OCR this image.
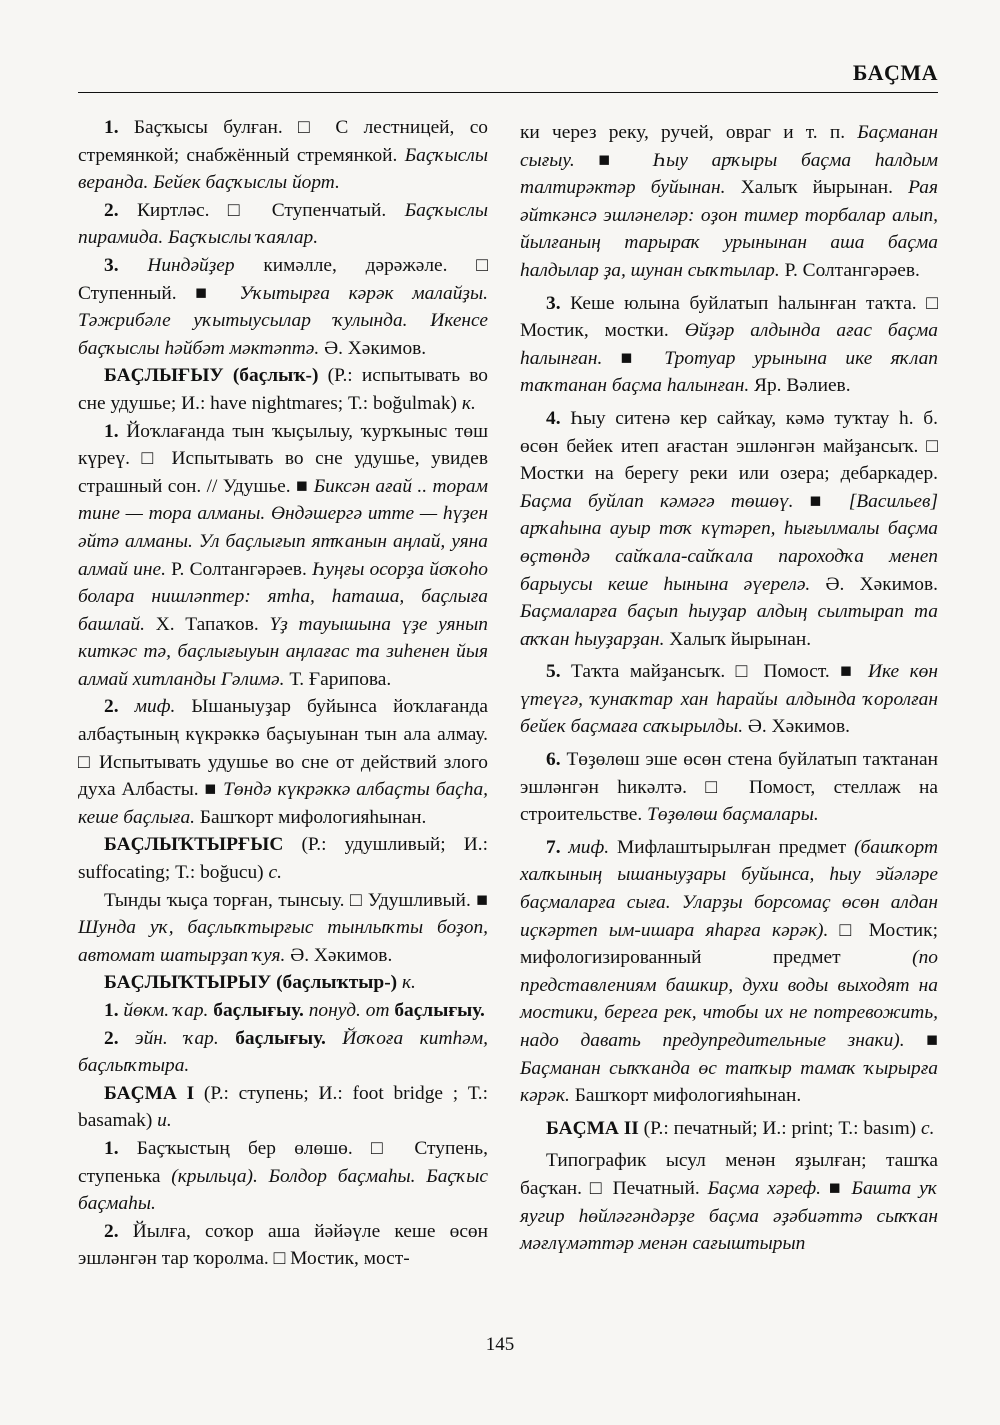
БАҪМА

1. Баҫҡысы булған. □ С лестницей, со стремянкой; снабжённый стремянкой. Баҫҡыслы веранда. Бейек баҫҡыслы йорт.

2. Киртләс. □ Ступенчатый. Баҫҡыслы пирамида. Баҫҡыслы ҡаялар.

3. Ниндәйҙер кимәлле, дәрәжәле. □ Ступенный. ■ Уҡытырға кәрәк малайҙы. Тәжрибәле уҡытыусылар ҡулында. Икенсе баҫҡыслы һәйбәт мәктәптә. Ә. Хәкимов.

БАҪЛЫҒЫУ (баҫлыҡ-) (Р.: испытывать во сне удушье; И.: have nightmares; Т.: boğulmak) к.

1. Йоҡлағанда тын ҡыҫылыу, ҡурҡыныс төш күреү. □ Испытывать во сне удушье, увидев страшный сон. // Удушье. ■ Биксән ағай .. торам тине — тора алманы. Өндәшергә итте — һүҙен әйтә алманы. Ул баҫлығып ятҡанын аңлай, уяна алмай ине. Р. Солтангәрәев. Һуңғы осорҙа йоҡоһо болара нишләптер: ятһа, һаташа, баҫлыға башлай. Х. Тапаҡов. Үҙ тауышына үҙе уянып киткәс тә, баҫлығыуын аңлағас та зиһенен йыя алмай хитланды Гәлимә. Т. Ғарипова.

2. миф. Ышаныуҙар буйынса йоҡлағанда албаҫтының күкрәккә баҫыуынан тын ала алмау. □ Испытывать удушье во сне от действий злого духа Албасты. ■ Төндә күкрәккә албаҫты баҫһа, кеше баҫлыға. Башҡорт мифологияһынан.

БАҪЛЫҠТЫРҒЫС (Р.: удушливый; И.: suffocating; Т.: boğucu) с.

Тынды ҡыҫа торған, тынсыу. □ Удушливый. ■ Шунда уҡ, баҫлыҡтырғыс тынлыҡты боҙоп, автомат шатырҙап ҡуя. Ә. Хәкимов.

БАҪЛЫҠТЫРЫУ (баҫлыҡтыр-) к.

1. йөкм. ҡар. баҫлығыу. понуд. от баҫлығыу.

2. эйн. ҡар. баҫлығыу. Йоҡоға китһәм, баҫлыҡтыра.

БАҪМА I (Р.: ступень; И.: foot bridge ; Т.: basamak) и.

1. Баҫҡыстың бер өлөшө. □ Ступень, ступенька (крыльца). Болдор баҫмаһы. Баҫҡыс баҫмаһы.

2. Йылға, соҡор аша йәйәүле кеше өсөн эшләнгән тар ҡоролма. □ Мостик, мост-

ки через реку, ручей, овраг и т. п. Баҫманан сығыу. ■ Һыу арҡыры баҫма һалдым талтирәктәр буйынан. Халыҡ йырынан. Рая әйткәнсә эшләнеләр: оҙон тимер торбалар алып, йылғаның тарыраҡ урынынан аша баҫма һалдылар ҙа, шунан сыҡтылар. Р. Солтангәрәев.

3. Кеше юлына буйлатып һалынған таҡта. □ Мостик, мостки. Өйҙәр алдында ағас баҫма һалынған. ■ Тротуар урынына ике яҡлап таҡтанан баҫма һалынған. Яр. Вәлиев.

4. Һыу ситенә кер сайҡау, кәмә туҡтау һ. б. өсөн бейек итеп ағастан эшләнгән майҙансыҡ. □ Мостки на берегу реки или озера; дебаркадер. Баҫма буйлап кәмәгә төшөү. ■ [Васильев] арҡаһына ауыр тоҡ күтәреп, һығылмалы баҫма өҫтөндә сайҡала-сайҡала пароходҡа менеп барыусы кеше һынына әүерелә. Ә. Хәкимов. Баҫмаларға баҫып һыуҙар алдың сылтырап та аҡҡан һыуҙарҙан. Халыҡ йырынан.

5. Таҡта майҙансыҡ. □ Помост. ■ Ике көн үтеүгә, ҡунаҡтар хан һарайы алдында ҡоролған бейек баҫмаға саҡырылды. Ә. Хәкимов.

6. Төҙөлөш эше өсөн стена буйлатып таҡтанан эшләнгән һикәлтә. □ Помост, стеллаж на строительстве. Төҙөлөш баҫмалары.

7. миф. Мифлаштырылған предмет (башҡорт халҡының ышаныуҙары буйынса, һыу эйәләре баҫмаларға сыға. Уларҙы борсомаҫ өсөн алдан иҫкәртеп ым-ишара яһарға кәрәк). □ Мостик; мифологизированный предмет (по представлениям башкир, духи воды выходят на мостики, берега рек, чтобы их не потревожить, надо давать предупредительные знаки). ■ Баҫманан сыҡҡанда өс тапҡыр тамаҡ ҡырырға кәрәк. Башҡорт мифологияһынан.

БАҪМА II (Р.: печатный; И.: print; Т.: basım) с.

Типографик ысул менән яҙылған; ташҡа баҫҡан. □ Печатный. Баҫма хәреф. ■ Башта уҡ яугир һөйләгәндәрҙе баҫма әҙәбиәттә сыҡҡан мәғлүмәттәр менән сағыштырып

145
